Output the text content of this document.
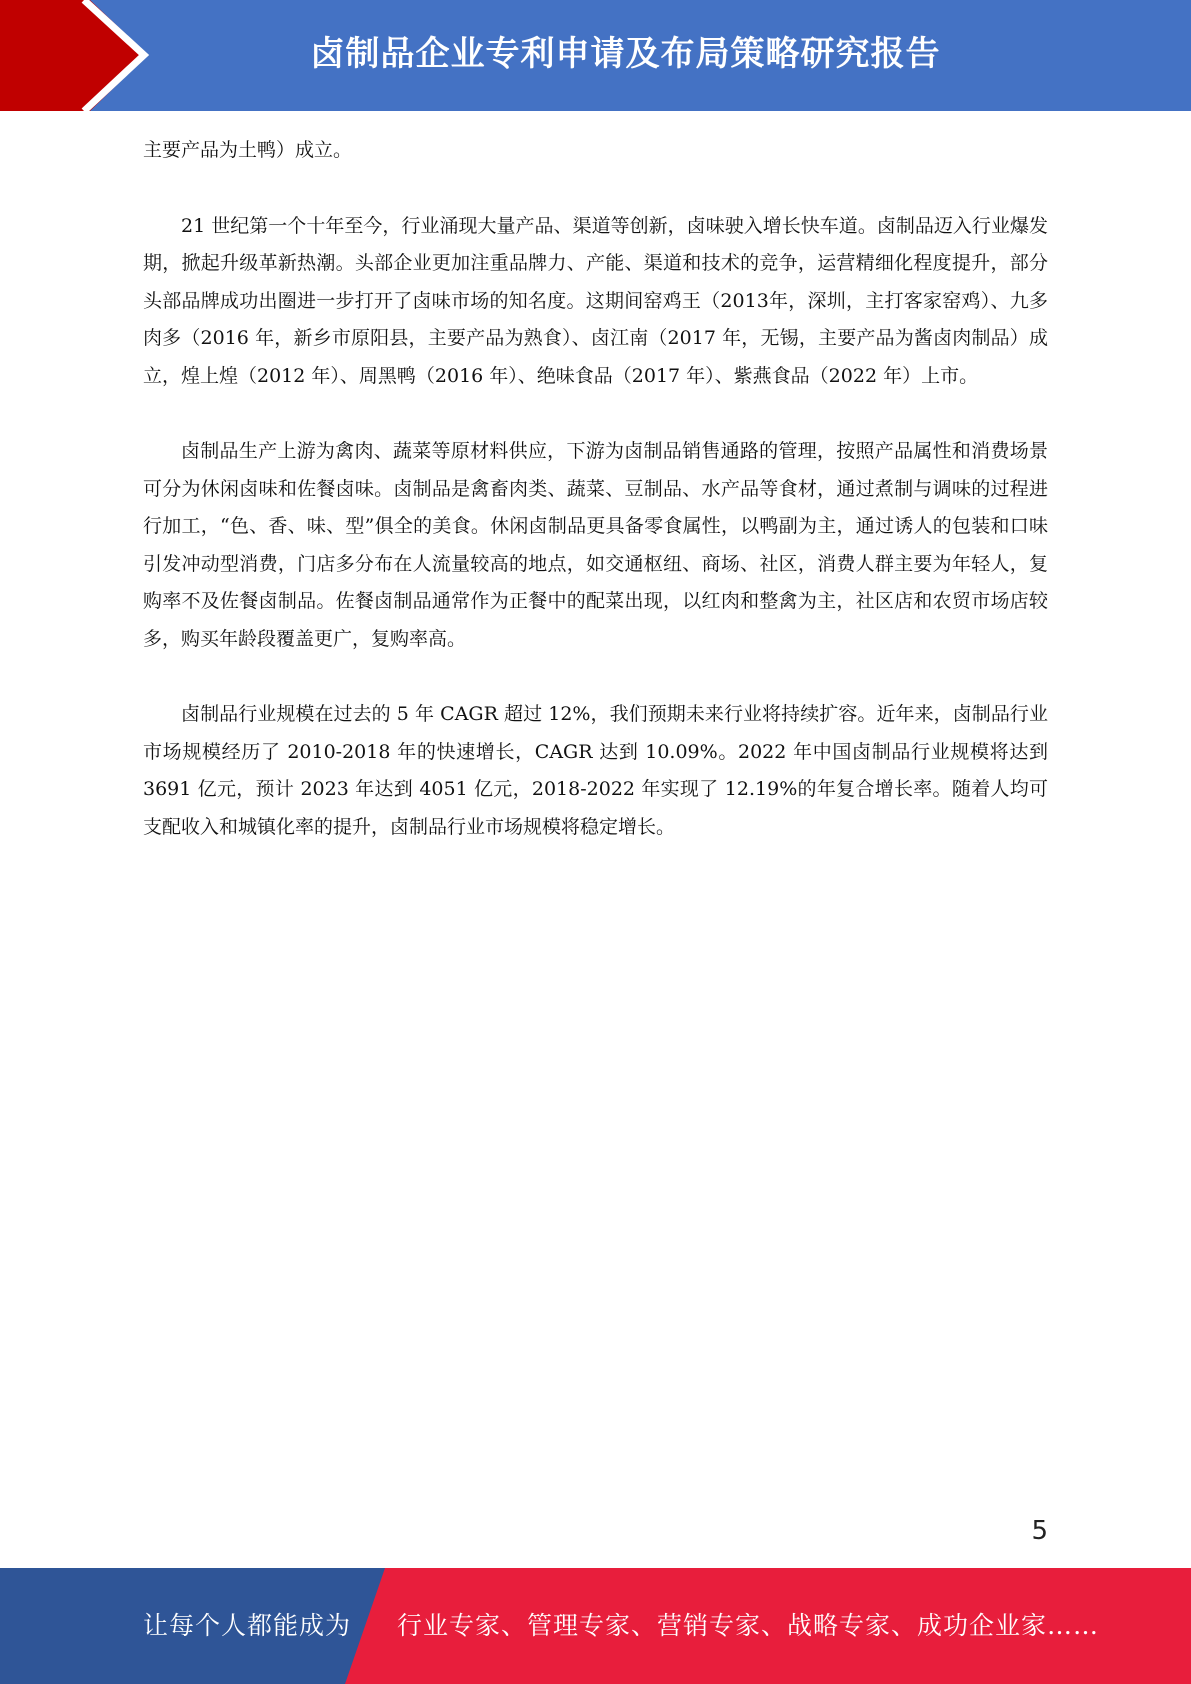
卤制品企业专利申请及布局策略研究报告

主要产品为土鸭）成立。

21 世纪第一个十年至今，行业涌现大量产品、渠道等创新，卤味驶入增长快车道。卤制品迈入行业爆发期，掀起升级革新热潮。头部企业更加注重品牌力、产能、渠道和技术的竞争，运营精细化程度提升，部分头部品牌成功出圈进一步打开了卤味市场的知名度。这期间窑鸡王（2013年，深圳，主打客家窑鸡）、九多肉多（2016 年，新乡市原阳县，主要产品为熟食）、卤江南（2017 年，无锡，主要产品为酱卤肉制品）成立，煌上煌（2012 年）、周黑鸭（2016 年）、绝味食品（2017 年）、紫燕食品（2022 年）上市。

卤制品生产上游为禽肉、蔬菜等原材料供应，下游为卤制品销售通路的管理，按照产品属性和消费场景可分为休闲卤味和佐餐卤味。卤制品是禽畜肉类、蔬菜、豆制品、水产品等食材，通过煮制与调味的过程进行加工，“色、香、味、型”俱全的美食。休闲卤制品更具备零食属性，以鸭副为主，通过诱人的包装和口味引发冲动型消费，门店多分布在人流量较高的地点，如交通枢纽、商场、社区，消费人群主要为年轻人，复购率不及佐餐卤制品。佐餐卤制品通常作为正餐中的配菜出现，以红肉和整禽为主，社区店和农贸市场店较多，购买年龄段覆盖更广，复购率高。

卤制品行业规模在过去的 5 年 CAGR 超过 12%，我们预期未来行业将持续扩容。近年来，卤制品行业市场规模经历了 2010-2018 年的快速增长，CAGR 达到 10.09%。2022 年中国卤制品行业规模将达到 3691 亿元，预计 2023 年达到 4051 亿元，2018-2022 年实现了 12.19%的年复合增长率。随着人均可支配收入和城镇化率的提升，卤制品行业市场规模将稳定增长。

5
让每个人都能成为 行业专家、管理专家、营销专家、战略专家、成功企业家……
